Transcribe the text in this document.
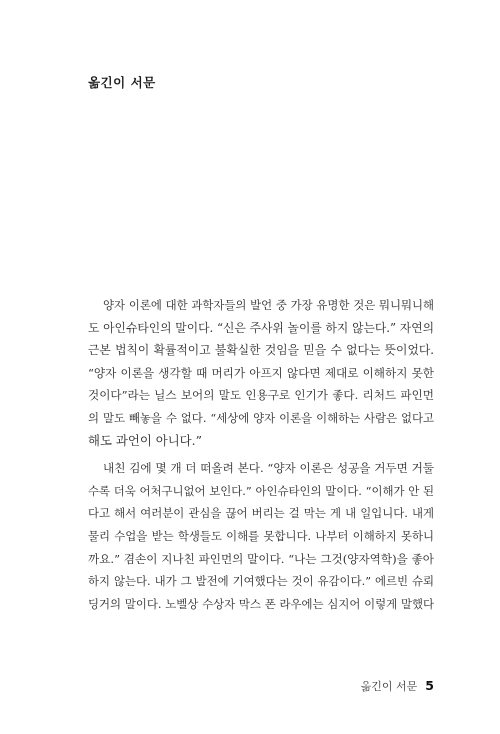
옮긴이 서문
양자 이론에 대한 과학자들의 발언 중 가장 유명한 것은 뭐니뭐니해
도 아인슈타인의 말이다. “신은 주사위 놀이를 하지 않는다.” 자연의
근본 법칙이 확률적이고 불확실한 것임을 믿을 수 없다는 뜻이었다.
“양자 이론을 생각할 때 머리가 아프지 않다면 제대로 이해하지 못한
것이다”라는 닐스 보어의 말도 인용구로 인기가 좋다. 리처드 파인먼
의 말도 빼놓을 수 없다. “세상에 양자 이론을 이해하는 사람은 없다고
해도 과언이 아니다.”
내친 김에 몇 개 더 떠올려 본다. “양자 이론은 성공을 거두면 거둘
수록 더욱 어처구니없어 보인다.” 아인슈타인의 말이다. “이해가 안 된
다고 해서 여러분이 관심을 끊어 버리는 걸 막는 게 내 일입니다. 내게
물리 수업을 받는 학생들도 이해를 못합니다. 나부터 이해하지 못하니
까요.” 겸손이 지나친 파인먼의 말이다. “나는 그것(양자역학)을 좋아
하지 않는다. 내가 그 발전에 기여했다는 것이 유감이다.” 에르빈 슈뢰
딩거의 말이다. 노벨상 수상자 막스 폰 라우에는 심지어 이렇게 말했다
옮긴이 서문 5
